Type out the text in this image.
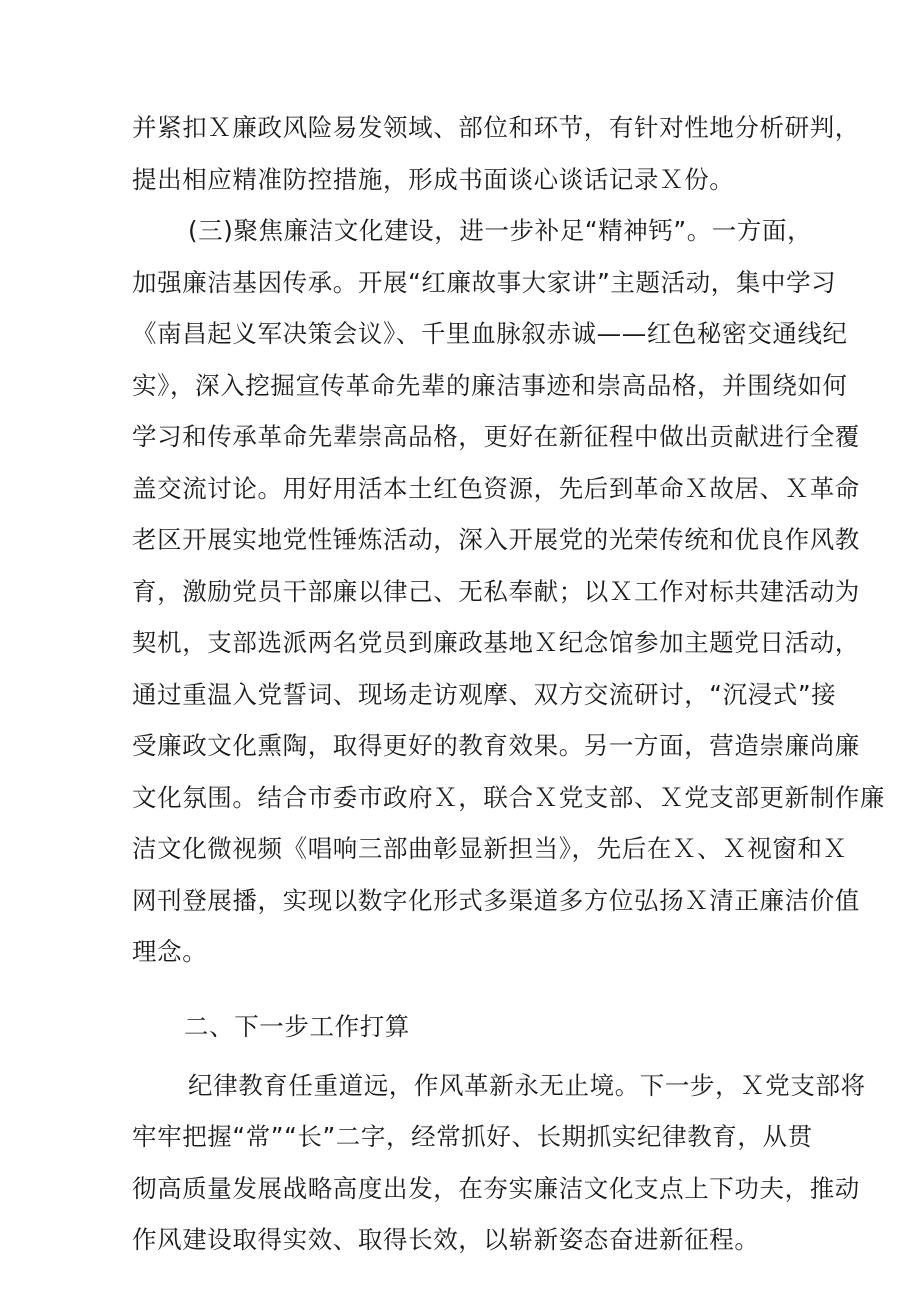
并紧扣Ｘ廉政风险易发领域、部位和环节，有针对性地分析研判，
提出相应精准防控措施，形成书面谈心谈话记录Ｘ份。
(三)聚焦廉洁文化建设，进一步补足“精神钙”。一方面，
加强廉洁基因传承。开展“红廉故事大家讲”主题活动，集中学习
《南昌起义军决策会议》、千里血脉叙赤诚——红色秘密交通线纪
实》，深入挖掘宣传革命先辈的廉洁事迹和崇高品格，并围绕如何
学习和传承革命先辈崇高品格，更好在新征程中做出贡献进行全覆
盖交流讨论。用好用活本土红色资源，先后到革命Ｘ故居、Ｘ革命
老区开展实地党性锤炼活动，深入开展党的光荣传统和优良作风教
育，激励党员干部廉以律己、无私奉献；以Ｘ工作对标共建活动为
契机，支部选派两名党员到廉政基地Ｘ纪念馆参加主题党日活动，
通过重温入党誓词、现场走访观摩、双方交流研讨，“沉浸式”接
受廉政文化熏陶，取得更好的教育效果。另一方面，营造崇廉尚廉
文化氛围。结合市委市政府Ｘ，联合Ｘ党支部、Ｘ党支部更新制作廉
洁文化微视频《唱响三部曲彰显新担当》，先后在Ｘ、Ｘ视窗和Ｘ
网刊登展播，实现以数字化形式多渠道多方位弘扬Ｘ清正廉洁价值
理念。
二、下一步工作打算
纪律教育任重道远，作风革新永无止境。下一步，Ｘ党支部将
牢牢把握“常”“长”二字，经常抓好、长期抓实纪律教育，从贯
彻高质量发展战略高度出发，在夯实廉洁文化支点上下功夫，推动
作风建设取得实效、取得长效，以崭新姿态奋进新征程。
